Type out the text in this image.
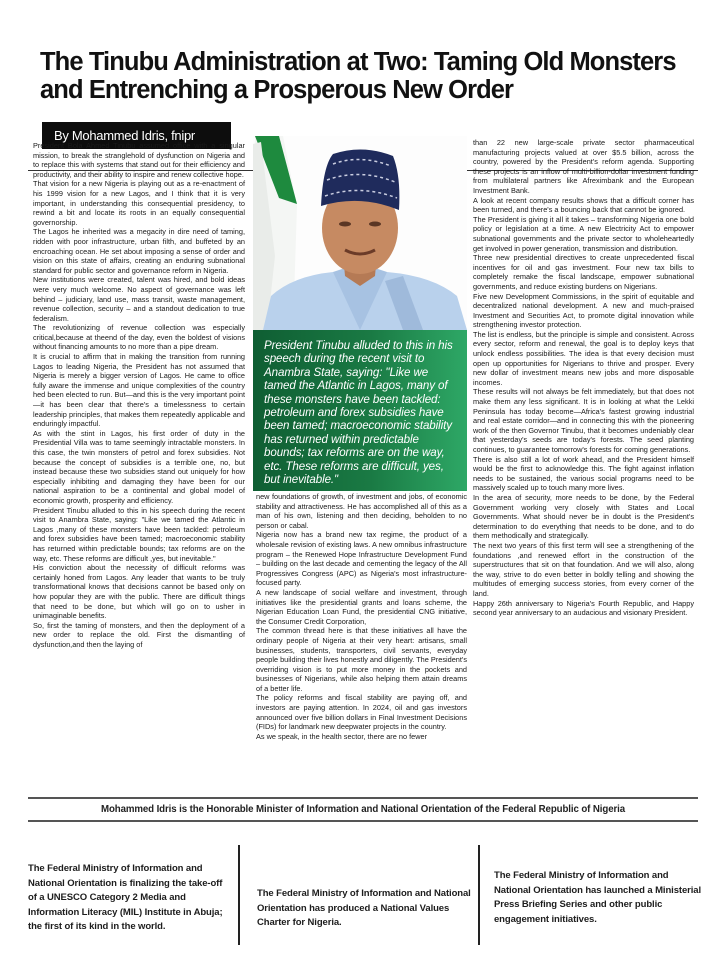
The Tinubu Administration at Two: Taming Old Monsters and Entrenching a Prosperous New Order
By Mohammed Idris, fnipr

President Bola Ahmed Tinubu assumed office with a singular mission, to break the stranglehold of dysfunction on Nigeria and to replace this with systems that stand out for their efficiency and productivity, and their ability to inspire and renew collective hope.

That vision for a new Nigeria is playing out as a re-enactment of his 1999 vision for a new Lagos, and I think that it is very important, in understanding this consequential presidency, to rewind a bit and locate its roots in an equally consequential governorship.

The Lagos he inherited was a megacity in dire need of taming, ridden with poor infrastructure, urban filth, and buffeted by an encroaching ocean. He set about imposing a sense of order and vision on this state of affairs, creating an enduring subnational standard for public sector and governance reform in Nigeria.

New institutions were created, talent was hired, and bold ideas were very much welcome. No aspect of governance was left behind – judiciary, land use, mass transit, waste management, revenue collection, security – and a standout dedication to true federalism.

The revolutionizing of revenue collection was especially critical,because at theend of the day, even the boldest of visions without financing amounts to no more than a pipe dream.

It is crucial to affirm that in making the transition from running Lagos to leading Nigeria, the President has not assumed that Nigeria is merely a bigger version of Lagos. He came to office fully aware the immense and unique complexities of the country hed been elected to run. But—and this is the very important point—it has been clear that there's a timelessness to certain leadership principles, that makes them repeatedly applicable and enduringly impactful.

As with the stint in Lagos, his first order of duty in the Presidential Villa was to tame seemingly intractable monsters. In this case, the twin monsters of petrol and forex subsidies. Not because the concept of subsidies is a terrible one, no, but instead because these two subsidies stand out uniquely for how especially inhibiting and damaging they have been for our national aspiration to be a continental and global model of economic growth, prosperity and efficiency.

President Tinubu alluded to this in his speech during the recent visit to Anambra State, saying: "Like we tamed the Atlantic in Lagos ,many of these monsters have been tackled: petroleum and forex subsidies have been tamed; macroeconomic stability has returned within predictable bounds; tax reforms are on the way, etc. These reforms are difficult ,yes, but inevitable."

His conviction about the necessity of difficult reforms was certainly honed from Lagos. Any leader that wants to be truly transformational knows that decisions cannot be based only on how popular they are with the public. There are difficult things that need to be done, but which will go on to usher in unimaginable benefits.

So, first the taming of monsters, and then the deployment of a new order to replace the old. First the dismantling of dysfunction,and then the laying of

President Tinubu alluded to this in his speech during the recent visit to Anambra State, saying: "Like we tamed the Atlantic in Lagos, many of these monsters have been tackled: petroleum and forex subsidies have been tamed; macroeconomic stability has returned within predictable bounds; tax reforms are on the way, etc. These reforms are difficult, yes, but inevitable."

new foundations of growth, of investment and jobs, of economic stability and attractiveness. He has accomplished all of this as a man of his own, listening and then deciding, beholden to no person or cabal.

Nigeria now has a brand new tax regime, the product of a wholesale revision of existing laws. A new omnibus infrastructure program – the Renewed Hope Infrastructure Development Fund – building on the last decade and cementing the legacy of the All Progressives Congress (APC) as Nigeria's most infrastructure-focused party.

A new landscape of social welfare and investment, through initiatives like the presidential grants and loans scheme, the Nigerian Education Loan Fund, the presidential CNG initiative, the Consumer Credit Corporation,

The common thread here is that these initiatives all have the ordinary people of Nigeria at their very heart: artisans, small businesses, students, transporters, civil servants, everyday people building their lives honestly and diligently. The President's overriding vision is to put more money in the pockets and businesses of Nigerians, while also helping them attain dreams of a better life.

The policy reforms and fiscal stability are paying off, and investors are paying attention. In 2024, oil and gas investors announced over five billion dollars in Final Investment Decisions (FIDs) for landmark new deepwater projects in the country.

As we speak, in the health sector, there are no fewer

than 22 new large-scale private sector pharmaceutical manufacturing projects valued at over $5.5 billion, across the country, powered by the President's reform agenda. Supporting these projects is an inflow of multi-billion-dollar investment funding from multilateral partners like Afreximbank and the European Investment Bank.

A look at recent company results shows that a difficult corner has been turned, and there's a bouncing back that cannot be ignored.

The President is giving it all it takes – transforming Nigeria one bold policy or legislation at a time. A new Electricity Act to empower subnational governments and the private sector to wholeheartedly get involved in power generation, transmission and distribution.

Three new presidential directives to create unprecedented fiscal incentives for oil and gas investment. Four new tax bills to completely remake the fiscal landscape, empower subnational governments, and reduce existing burdens on Nigerians.

Five new Development Commissions, in the spirit of equitable and decentralized national development. A new and much-praised Investment and Securities Act, to promote digital innovation while strengthening investor protection.

The list is endless, but the principle is simple and consistent. Across every sector, reform and renewal, the goal is to deploy keys that unlock endless possibilities. The idea is that every decision must open up opportunities for Nigerians to thrive and prosper. Every new dollar of investment means new jobs and more disposable incomes.

These results will not always be felt immediately, but that does not make them any less significant. It is in looking at what the Lekki Peninsula has today become—Africa's fastest growing industrial and real estate corridor—and in connecting this with the pioneering work of the then Governor Tinubu, that it becomes undeniably clear that yesterday's seeds are today's forests. The seed planting continues, to guarantee tomorrow's forests for coming generations.

There is also still a lot of work ahead, and the President himself would be the first to acknowledge this. The fight against inflation needs to be sustained, the various social programs need to be massively scaled up to touch many more lives.

In the area of security, more needs to be done, by the Federal Government working very closely with States and Local Governments. What should never be in doubt is the President's determination to do everything that needs to be done, and to do them methodically and strategically.

The next two years of this first term will see a strengthening of the foundations ,and renewed effort in the construction of the superstructures that sit on that foundation. And we will also, along the way, strive to do even better in boldly telling and showing the multitudes of emerging success stories, from every corner of the land.

Happy 26th anniversary to Nigeria's Fourth Republic, and Happy second year anniversary to an audacious and visionary President.

Mohammed Idris is the Honorable Minister of Information and National Orientation of the Federal Republic of Nigeria
The Federal Ministry of Information and National Orientation is finalizing the take-off of a UNESCO Category 2 Media and Information Literacy (MIL) Institute in Abuja; the first of its kind in the world.
The Federal Ministry of Information and National Orientation has produced a National Values Charter for Nigeria.
The Federal Ministry of Information and National Orientation has launched a Ministerial Press Briefing Series and other public engagement initiatives.
